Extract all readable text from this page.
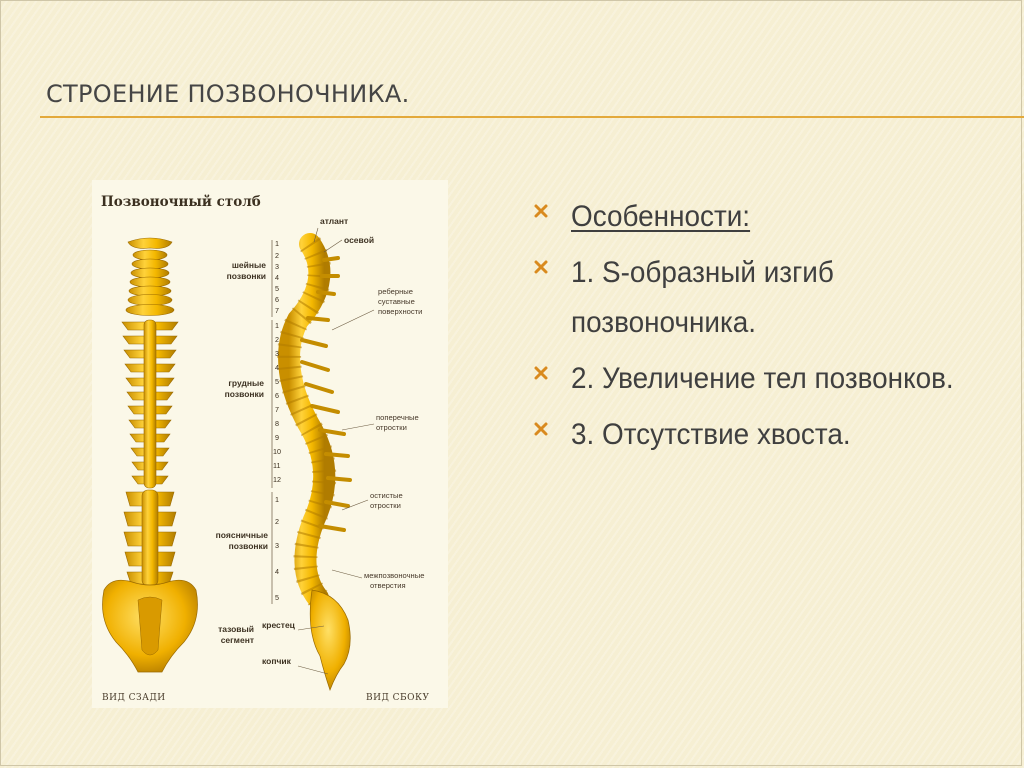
СТРОЕНИЕ ПОЗВОНОЧНИКА.
Позвоночный столб
1
2
3
4
5
6
7
1
2
3
4
5
6
7
8
9
10
11
12
1
2
3
4
5
шейные
позвонки
грудные
позвонки
поясничные
позвонки
тазовый
сегмент
атлант
осевой
реберные
суставные
поверхности
поперечные
отростки
остистые
отростки
межпозвоночные
отверстия
крестец
копчик
ВИД СЗАДИ	ВИД СБОКУ
Особенности:
1. S-образный изгиб позвоночника.
2. Увеличение тел позвонков.
3. Отсутствие хвоста.
